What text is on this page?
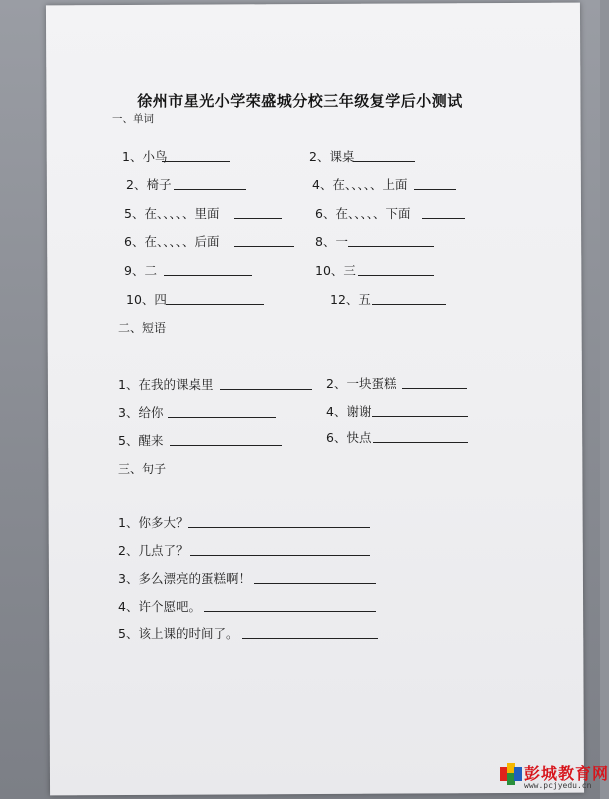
徐州市星光小学荣盛城分校三年级复学后小测试
一、单词
1、小鸟	2、课桌
2、椅子	4、在、、、、、上面
5、在、、、、、里面	6、在、、、、、下面
6、在、、、、、后面	8、一
9、二	10、三
10、四	12、五
二、短语
1、在我的课桌里	2、一块蛋糕
3、给你	4、谢谢
5、醒来	6、快点
三、句子
1、你多大？
2、几点了？
3、多么漂亮的蛋糕啊！
4、许个愿吧。
5、该上课的时间了。
彭城教育网
www.pcjyedu.cn
